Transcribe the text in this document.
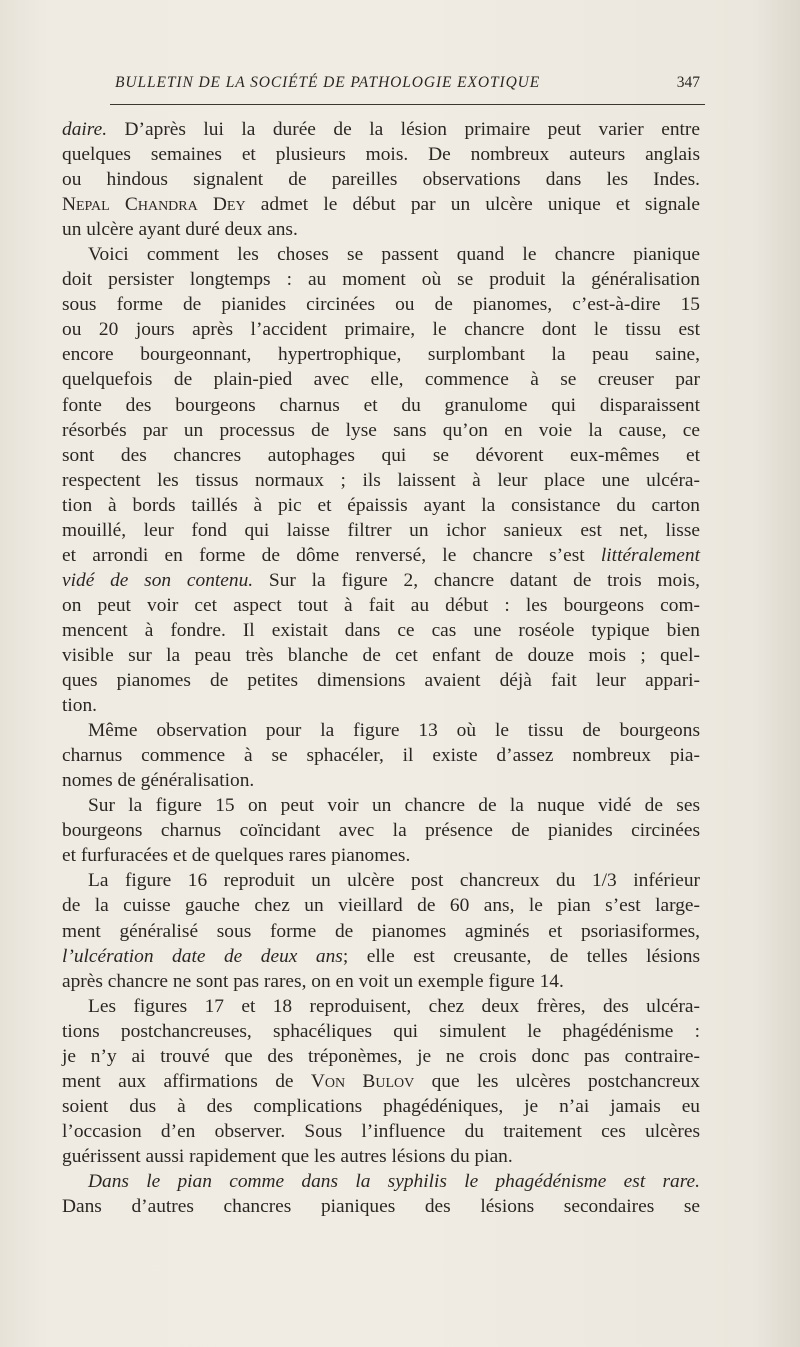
BULLETIN DE LA SOCIÉTÉ DE PATHOLOGIE EXOTIQUE	347
daire. D’après lui la durée de la lésion primaire peut varier entre
quelques semaines et plusieurs mois. De nombreux auteurs anglais
ou hindous signalent de pareilles observations dans les Indes.
Nepal Chandra Dey admet le début par un ulcère unique et signale
un ulcère ayant duré deux ans.
Voici comment les choses se passent quand le chancre pianique
doit persister longtemps : au moment où se produit la généralisation
sous forme de pianides circinées ou de pianomes, c’est-à-dire 15
ou 20 jours après l’accident primaire, le chancre dont le tissu est
encore bourgeonnant, hypertrophique, surplombant la peau saine,
quelquefois de plain-pied avec elle, commence à se creuser par
fonte des bourgeons charnus et du granulome qui disparaissent
résorbés par un processus de lyse sans qu’on en voie la cause, ce
sont des chancres autophages qui se dévorent eux-mêmes et
respectent les tissus normaux ; ils laissent à leur place une ulcéra-
tion à bords taillés à pic et épaissis ayant la consistance du carton
mouillé, leur fond qui laisse filtrer un ichor sanieux est net, lisse
et arrondi en forme de dôme renversé, le chancre s’est littéralement
vidé de son contenu. Sur la figure 2, chancre datant de trois mois,
on peut voir cet aspect tout à fait au début : les bourgeons com-
mencent à fondre. Il existait dans ce cas une roséole typique bien
visible sur la peau très blanche de cet enfant de douze mois ; quel-
ques pianomes de petites dimensions avaient déjà fait leur appari-
tion.
Même observation pour la figure 13 où le tissu de bourgeons
charnus commence à se sphacéler, il existe d’assez nombreux pia-
nomes de généralisation.
Sur la figure 15 on peut voir un chancre de la nuque vidé de ses
bourgeons charnus coïncidant avec la présence de pianides circinées
et furfuracées et de quelques rares pianomes.
La figure 16 reproduit un ulcère post chancreux du 1/3 inférieur
de la cuisse gauche chez un vieillard de 60 ans, le pian s’est large-
ment généralisé sous forme de pianomes agminés et psoriasiformes,
l’ulcération date de deux ans; elle est creusante, de telles lésions
après chancre ne sont pas rares, on en voit un exemple figure 14.
Les figures 17 et 18 reproduisent, chez deux frères, des ulcéra-
tions postchancreuses, sphacéliques qui simulent le phagédénisme :
je n’y ai trouvé que des tréponèmes, je ne crois donc pas contraire-
ment aux affirmations de Von Bulov que les ulcères postchancreux
soient dus à des complications phagédéniques, je n’ai jamais eu
l’occasion d’en observer. Sous l’influence du traitement ces ulcères
guérissent aussi rapidement que les autres lésions du pian.
Dans le pian comme dans la syphilis le phagédénisme est rare.
Dans d’autres chancres pianiques des lésions secondaires se
